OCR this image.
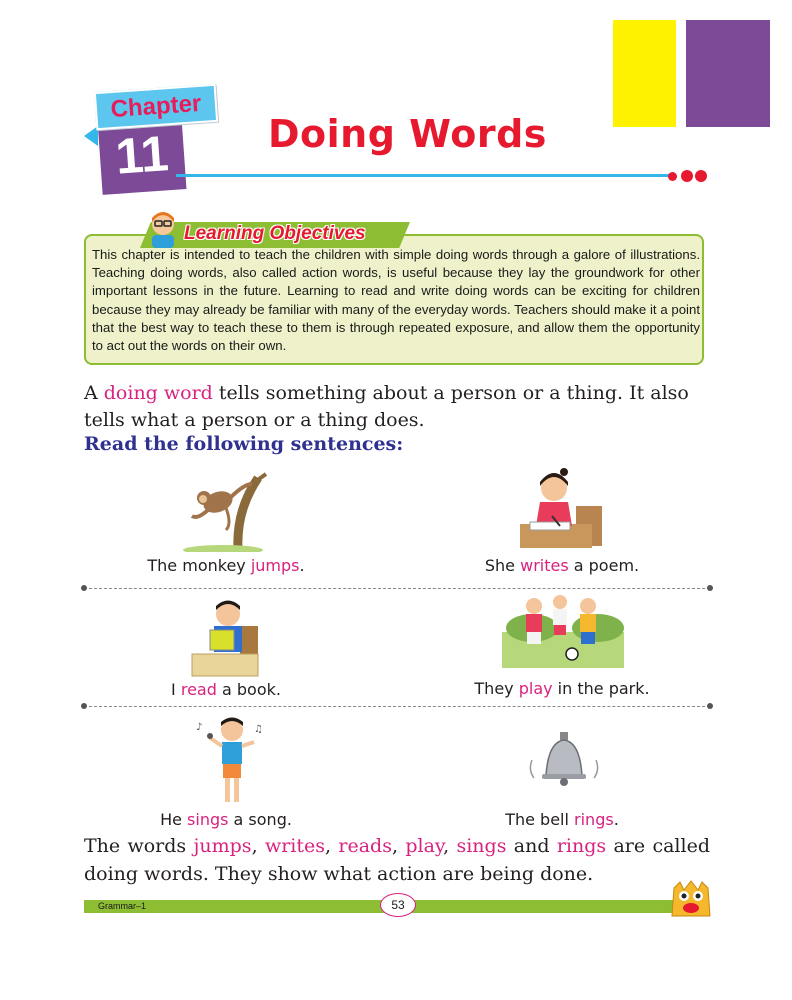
11
Chapter
Doing Words
Learning Objectives
This chapter is intended to teach the children with simple doing words through a galore of illustrations. Teaching doing words, also called action words, is useful because they lay the groundwork for other important lessons in the future. Learning to read and write doing words can be exciting for children because they may already be familiar with many of the everyday words. Teachers should make it a point that the best way to teach these to them is through repeated exposure, and allow them the opportunity to act out the words on their own.
A doing word tells something about a person or a thing. It also tells what a person or a thing does.
Read the following sentences:
The monkey jumps.	She writes a poem.
I read a book.	They play in the park.
♪	♫
He sings a song.	The bell rings.
The words jumps, writes, reads, play, sings and rings are called doing words. They show what action are being done.
Grammar–1	53
